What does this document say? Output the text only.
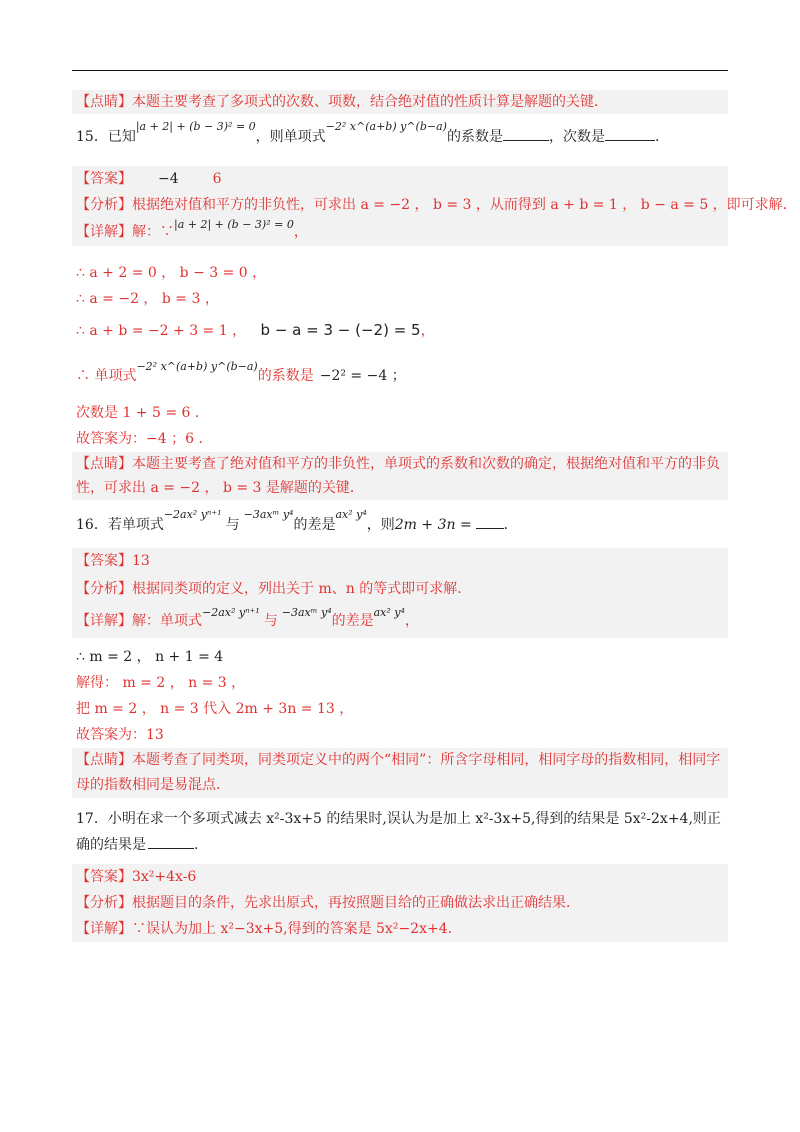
【点睛】本题主要考查了多项式的次数、项数，结合绝对值的性质计算是解题的关键．
15．已知|a + 2| + (b − 3)² = 0，则单项式−2² x^(a+b) y^(b−a)的系数是	，次数是	．
【答案】 −4 6
【分析】根据绝对值和平方的非负性，可求出 a = −2 ， b = 3 ，从而得到 a + b = 1 ， b − a = 5 ，即可求解．
【详解】解：∵|a + 2| + (b − 3)² = 0，
∴ a + 2 = 0 ， b − 3 = 0 ，
∴ a = −2 ， b = 3 ，
∴ a + b = −2 + 3 = 1 ， b − a = 3 − (−2) = 5，
∴ 单项式−2² x^(a+b) y^(b−a)的系数是 −2² = −4 ；
次数是 1 + 5 = 6 ．
故答案为：−4 ；6 ．
【点睛】本题主要考查了绝对值和平方的非负性，单项式的系数和次数的确定，根据绝对值和平方的非负性，可求出 a = −2 ， b = 3 是解题的关键．
16．若单项式−2ax² yⁿ⁺¹与−3axᵐ y⁴的差是ax² y⁴，则2m + 3n = ．
【答案】13
【分析】根据同类项的定义，列出关于 m、n 的等式即可求解．
【详解】解：单项式−2ax² yⁿ⁺¹与−3axᵐ y⁴的差是ax² y⁴，
∴ m = 2 ， n + 1 = 4
解得： m = 2 ， n = 3 ，
把 m = 2 ， n = 3 代入 2m + 3n = 13 ，
故答案为：13
【点睛】本题考查了同类项，同类项定义中的两个“相同”：所含字母相同，相同字母的指数相同，相同字母的指数相同是易混点．
17．小明在求一个多项式减去 x²-3x+5 的结果时,误认为是加上 x²-3x+5,得到的结果是 5x²-2x+4,则正确的结果是	.
【答案】3x²+4x-6
【分析】根据题目的条件，先求出原式，再按照题目给的正确做法求出正确结果．
【详解】∵误认为加上 x²−3x+5,得到的答案是 5x²−2x+4.
